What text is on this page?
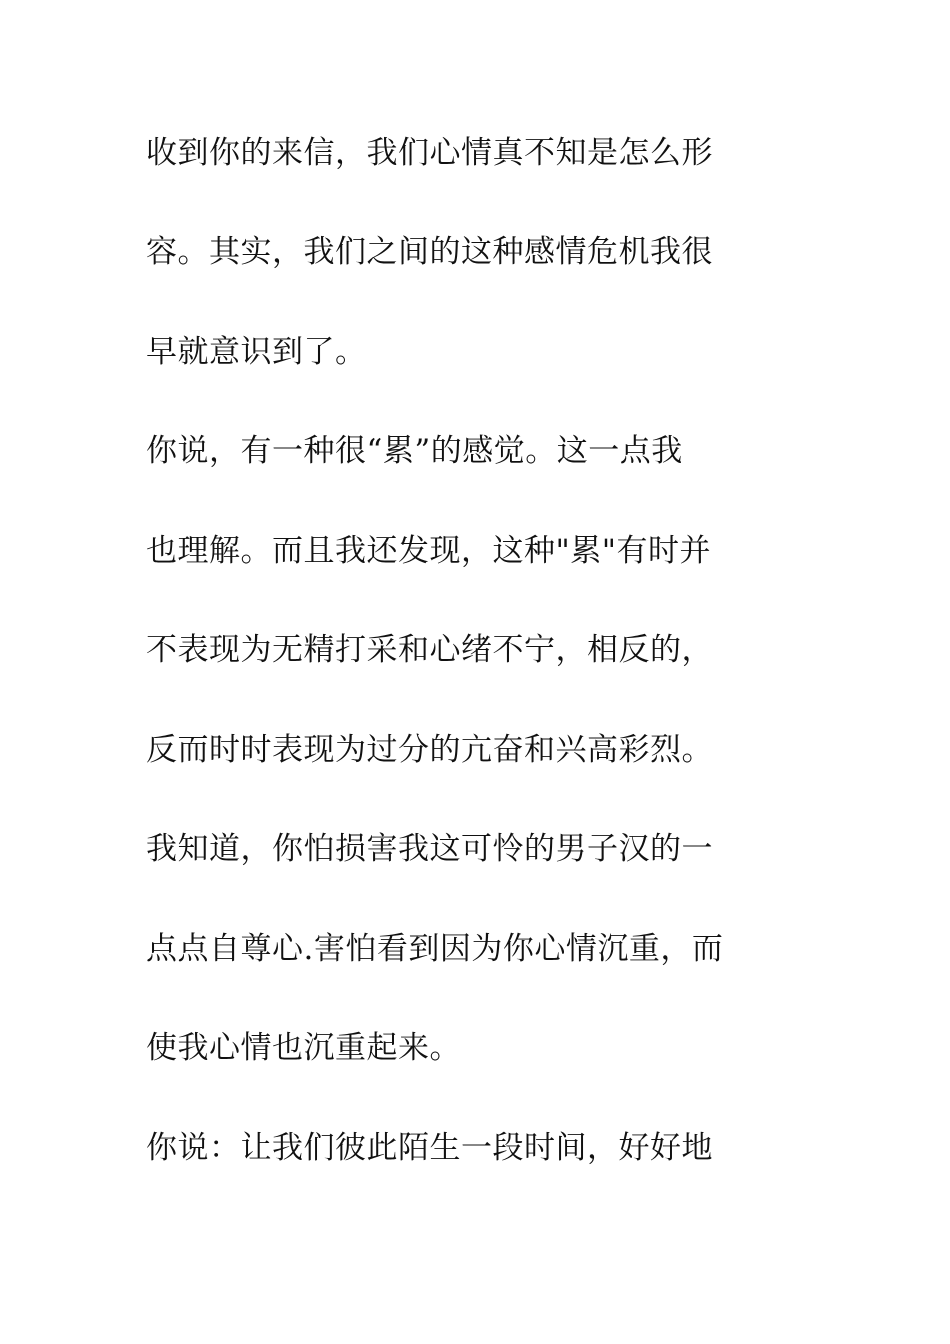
收到你的来信，我们心情真不知是怎么形

容。其实，我们之间的这种感情危机我很

早就意识到了。

你说，有一种很“累”的感觉。这一点我

也理解。而且我还发现，这种"累"有时并

不表现为无精打采和心绪不宁，相反的，

反而时时表现为过分的亢奋和兴高彩烈。

我知道，你怕损害我这可怜的男子汉的一

点点自尊心.害怕看到因为你心情沉重，而

使我心情也沉重起来。

你说：让我们彼此陌生一段时间，好好地
